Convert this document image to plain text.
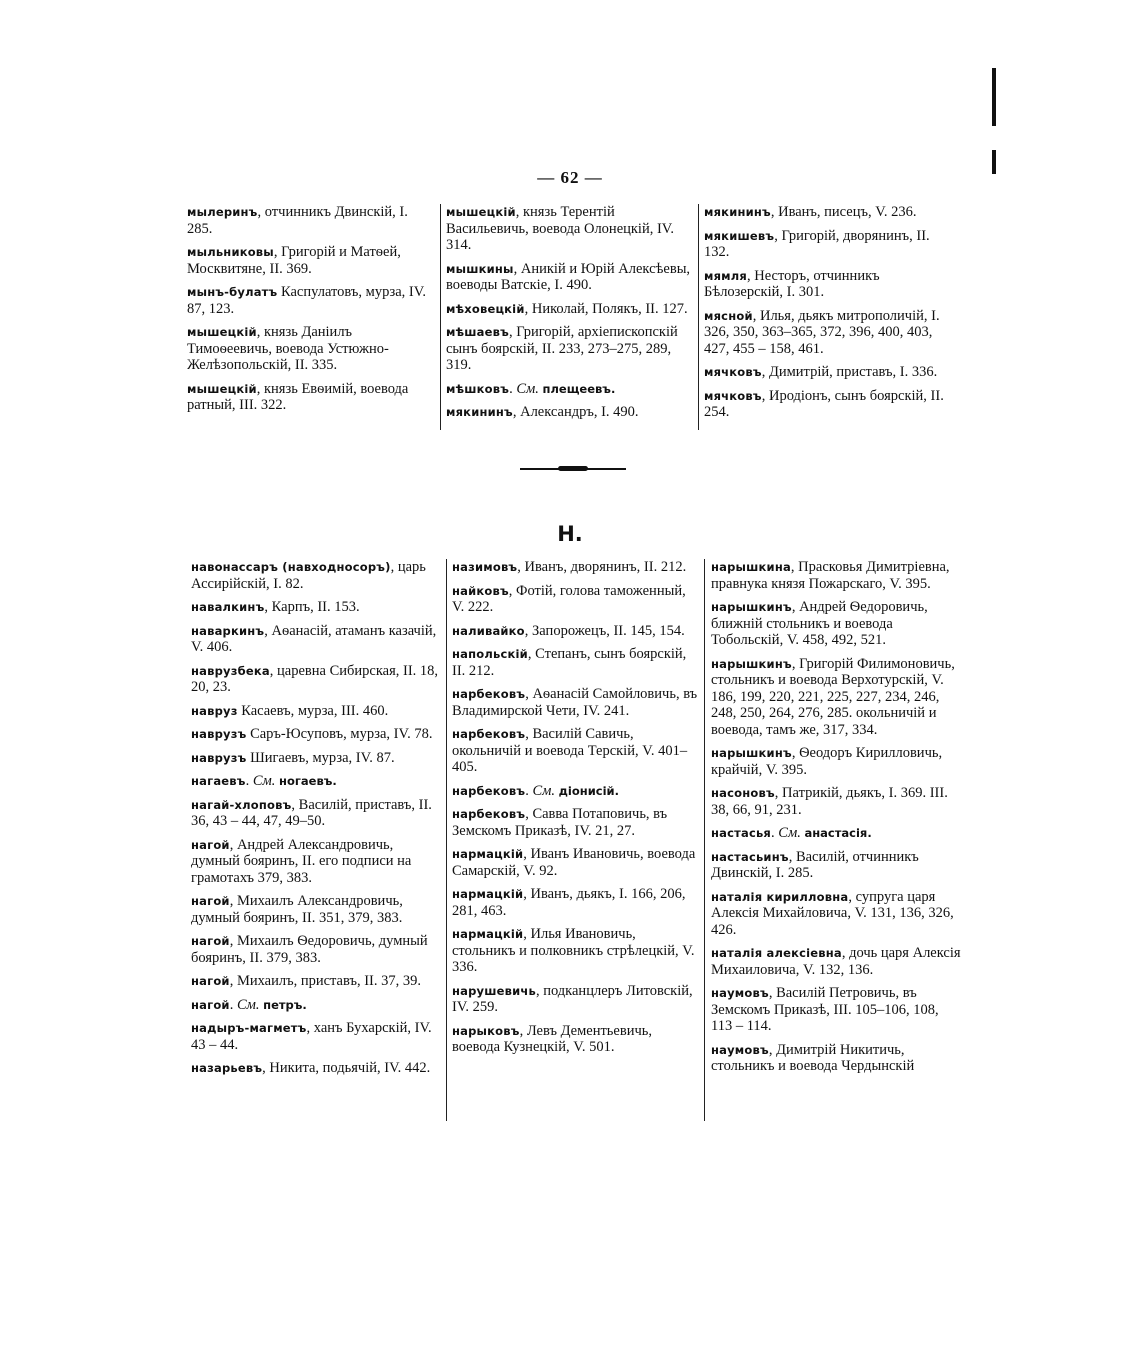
— 62 —
мылеринъ, отчинникъ Двинскій, I. 285.
мыльниковы, Григорій и Матѳей, Москвитяне, II. 369.
мынъ-булатъ Каспулатовъ, мурза, IV. 87, 123.
мышецкій, князь Даніилъ Тимоѳеевичь, воевода Устюжно-Желѣзопольскій, II. 335.
мышецкій, князь Евѳимій, воевода ратный, III. 322.
мышецкій, князь Терентій Васильевичь, воевода Олонецкій, IV. 314.
мышкины, Аникій и Юрій Алексѣевы, воеводы Ватскіе, I. 490.
мѣховецкій, Николай, Полякъ, II. 127.
мѣшаевъ, Григорій, архіепископскій сынъ боярскій, II. 233, 273–275, 289, 319.
мѣшковъ. См. плещеевъ.
мякининъ, Александръ, I. 490.
мякининъ, Иванъ, писецъ, V. 236.
мякишевъ, Григорій, дворянинъ, II. 132.
мямля, Несторъ, отчинникъ Бѣлозерскій, I. 301.
мясной, Илья, дьякъ митрополичій, I. 326, 350, 363–365, 372, 396, 400, 403, 427, 455 – 158, 461.
мячковъ, Димитрій, приставъ, I. 336.
мячковъ, Иродіонъ, сынъ боярскій, II. 254.
Н.
навонассаръ (навходносоръ), царь Ассирійскій, I. 82.
навалкинъ, Карпъ, II. 153.
наваркинъ, Аѳанасій, атаманъ казачій, V. 406.
наврузбека, царевна Сибирская, II. 18, 20, 23.
навруз Касаевъ, мурза, III. 460.
наврузъ Саръ-Юсуповъ, мурза, IV. 78.
наврузъ Шигаевъ, мурза, IV. 87.
нагаевъ. См. ногаевъ.
нагай-хлоповъ, Василій, приставъ, II. 36, 43 – 44, 47, 49–50.
нагой, Андрей Александровичь, думный бояринъ, II. его подписи на грамотахъ 379, 383.
нагой, Михаилъ Александровичь, думный бояринъ, II. 351, 379, 383.
нагой, Михаилъ Ѳедоровичь, думный бояринъ, II. 379, 383.
нагой, Михаилъ, приставъ, II. 37, 39.
нагой. См. петръ.
надыръ-магметъ, ханъ Бухарскій, IV. 43 – 44.
назарьевъ, Никита, подьячій, IV. 442.
назимовъ, Иванъ, дворянинъ, II. 212.
найковъ, Фотій, голова таможенный, V. 222.
наливайко, Запорожецъ, II. 145, 154.
напольскій, Степанъ, сынъ боярскій, II. 212.
нарбековъ, Аѳанасій Самойловичь, въ Владимирской Чети, IV. 241.
нарбековъ, Василій Савичь, окольничій и воевода Терскій, V. 401–405.
нарбековъ. См. діонисій.
нарбековъ, Савва Потаповичь, въ Земскомъ Приказѣ, IV. 21, 27.
нармацкій, Иванъ Ивановичь, воевода Самарскій, V. 92.
нармацкій, Иванъ, дьякъ, I. 166, 206, 281, 463.
нармацкій, Илья Ивановичь, стольникъ и полковникъ стрѣлецкій, V. 336.
нарушевичь, подканцлеръ Литовскій, IV. 259.
нарыковъ, Левъ Дементьевичь, воевода Кузнецкій, V. 501.
нарышкина, Прасковья Димитріевна, правнука князя Пожарскаго, V. 395.
нарышкинъ, Андрей Ѳедоровичь, ближній стольникъ и воевода Тобольскій, V. 458, 492, 521.
нарышкинъ, Григорій Филимоновичь, стольникъ и воевода Верхотурскій, V. 186, 199, 220, 221, 225, 227, 234, 246, 248, 250, 264, 276, 285. окольничій и воевода, тамъ же, 317, 334.
нарышкинъ, Ѳеодоръ Кирилловичь, крайчій, V. 395.
насоновъ, Патрикій, дьякъ, I. 369. III. 38, 66, 91, 231.
настасья. См. анастасія.
настасьинъ, Василій, отчинникъ Двинскій, I. 285.
наталія кирилловна, супруга царя Алексія Михайловича, V. 131, 136, 326, 426.
наталія алексіевна, дочь царя Алексія Михаиловича, V. 132, 136.
наумовъ, Василій Петровичь, въ Земскомъ Приказѣ, III. 105–106, 108, 113 – 114.
наумовъ, Димитрій Никитичь, стольникъ и воевода Чердынскій
